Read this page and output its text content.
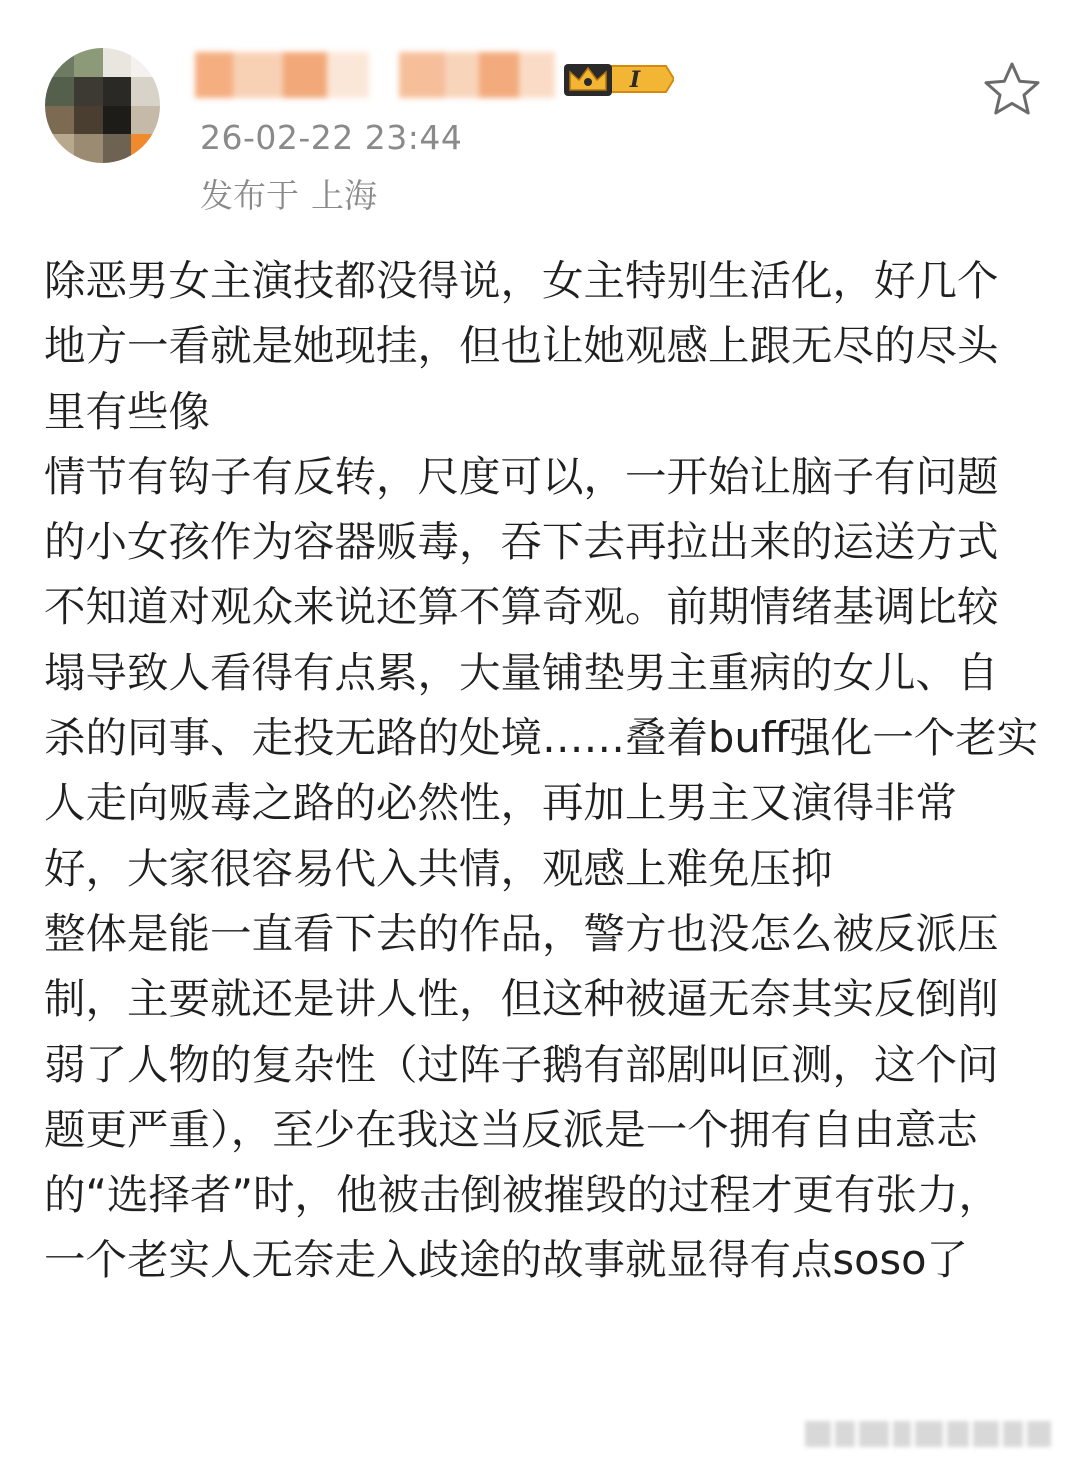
I
26-02-22 23:44
发布于 上海

除恶男女主演技都没得说，女主特别生活化，好几个地方一看就是她现挂，但也让她观感上跟无尽的尽头里有些像

情节有钩子有反转，尺度可以，一开始让脑子有问题的小女孩作为容器贩毒，吞下去再拉出来的运送方式不知道对观众来说还算不算奇观。前期情绪基调比较塌导致人看得有点累，大量铺垫男主重病的女儿、自杀的同事、走投无路的处境……叠着buff强化一个老实人走向贩毒之路的必然性，再加上男主又演得非常好，大家很容易代入共情，观感上难免压抑

整体是能一直看下去的作品，警方也没怎么被反派压制，主要就还是讲人性，但这种被逼无奈其实反倒削弱了人物的复杂性（过阵子鹅有部剧叫叵测，这个问题更严重），至少在我这当反派是一个拥有自由意志的“选择者”时，他被击倒被摧毁的过程才更有张力，一个老实人无奈走入歧途的故事就显得有点soso了
